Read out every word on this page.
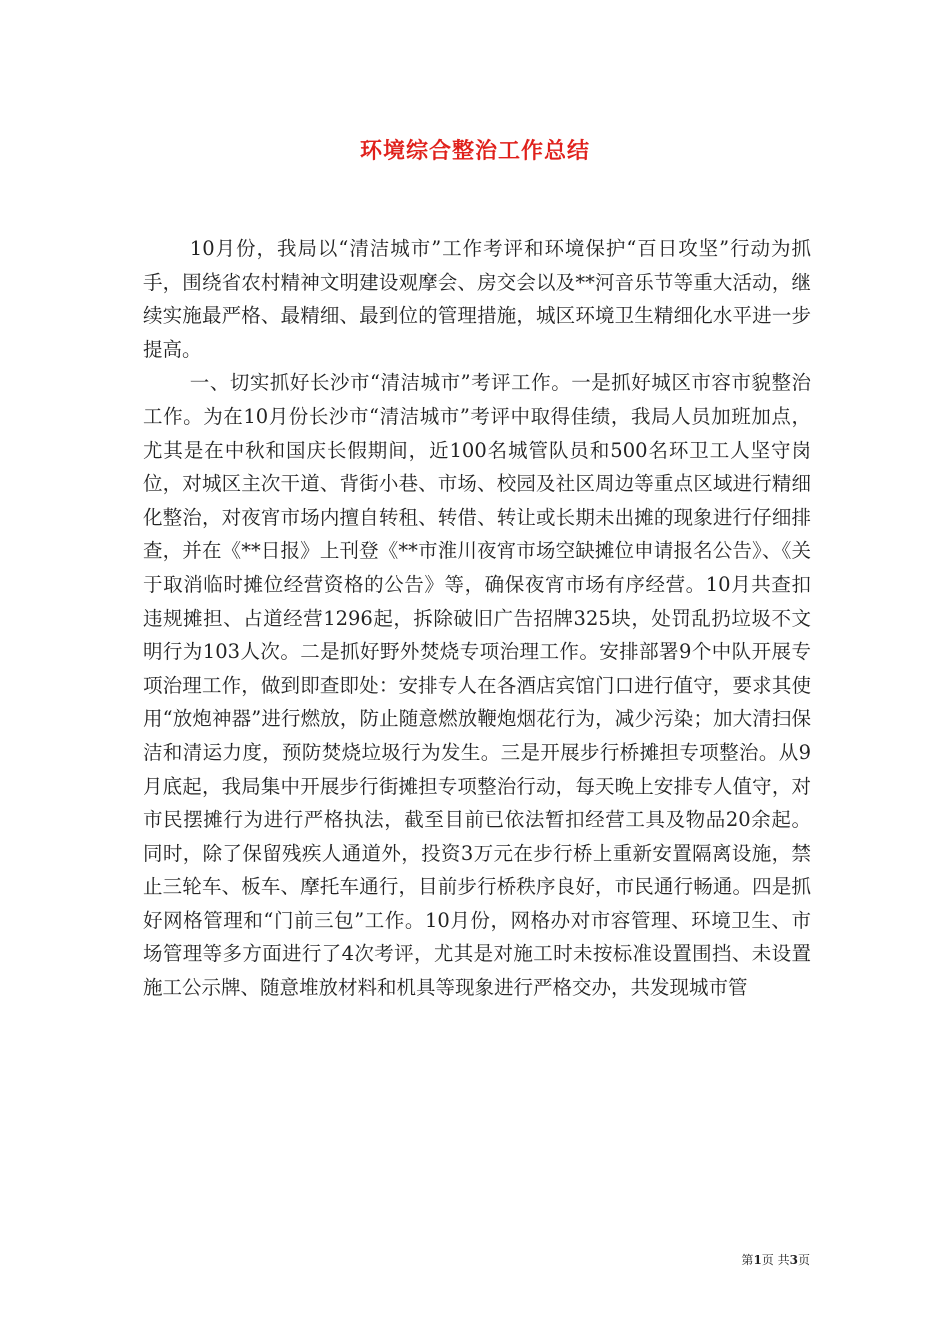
环境综合整治工作总结

10月份，我局以“清洁城市”工作考评和环境保护“百日攻坚”行动为抓手，围绕省农村精神文明建设观摩会、房交会以及**河音乐节等重大活动，继续实施最严格、最精细、最到位的管理措施，城区环境卫生精细化水平进一步提高。

一、切实抓好长沙市“清洁城市”考评工作。一是抓好城区市容市貌整治工作。为在10月份长沙市“清洁城市”考评中取得佳绩，我局人员加班加点，尤其是在中秋和国庆长假期间，近100名城管队员和500名环卫工人坚守岗位，对城区主次干道、背街小巷、市场、校园及社区周边等重点区域进行精细化整治，对夜宵市场内擅自转租、转借、转让或长期未出摊的现象进行仔细排查，并在《**日报》上刊登《**市淮川夜宵市场空缺摊位申请报名公告》、《关于取消临时摊位经营资格的公告》等，确保夜宵市场有序经营。10月共查扣违规摊担、占道经营1296起，拆除破旧广告招牌325块，处罚乱扔垃圾不文明行为103人次。二是抓好野外焚烧专项治理工作。安排部署9个中队开展专项治理工作，做到即查即处：安排专人在各酒店宾馆门口进行值守，要求其使用“放炮神器”进行燃放，防止随意燃放鞭炮烟花行为，减少污染；加大清扫保洁和清运力度，预防焚烧垃圾行为发生。三是开展步行桥摊担专项整治。从9月底起，我局集中开展步行街摊担专项整治行动，每天晚上安排专人值守，对市民摆摊行为进行严格执法，截至目前已依法暂扣经营工具及物品20余起。同时，除了保留残疾人通道外，投资3万元在步行桥上重新安置隔离设施，禁止三轮车、板车、摩托车通行，目前步行桥秩序良好，市民通行畅通。四是抓好网格管理和“门前三包”工作。10月份，网格办对市容管理、环境卫生、市场管理等多方面进行了4次考评，尤其是对施工时未按标准设置围挡、未设置施工公示牌、随意堆放材料和机具等现象进行严格交办，共发现城市管

第1页 共3页
